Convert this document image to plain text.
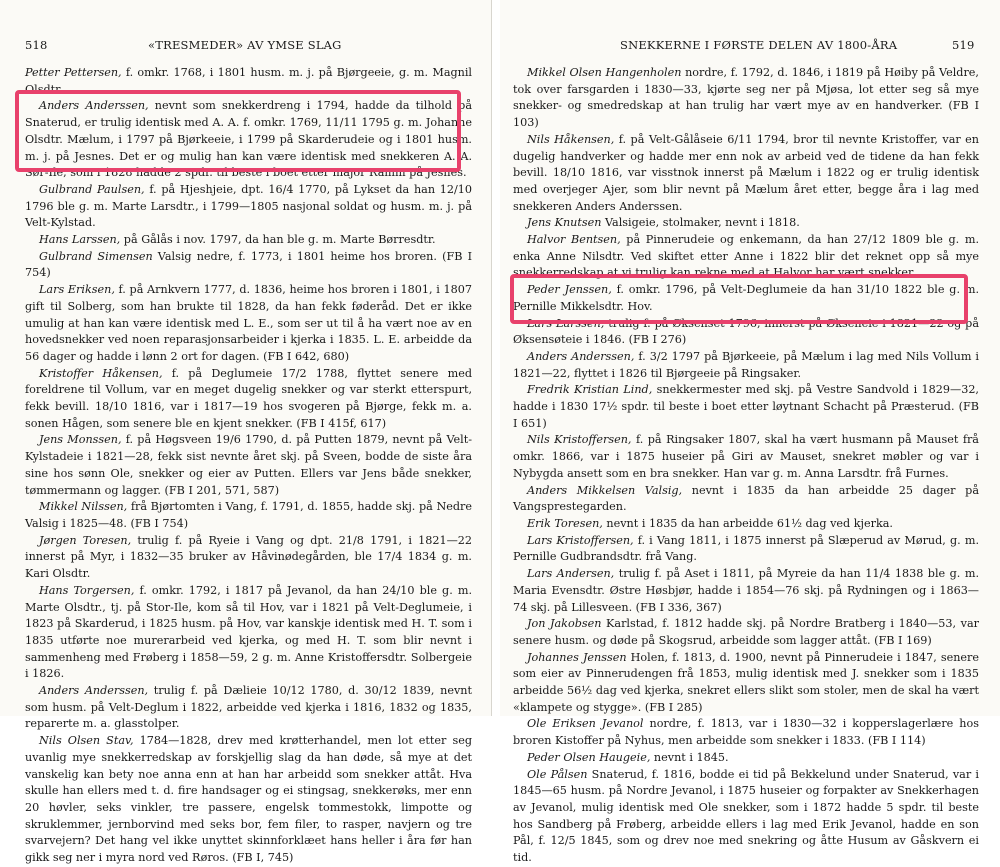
518	«TRESMEDER» AV YMSE SLAG

Petter Pettersen, f. omkr. 1768, i 1801 husm. m. j. på Bjørgeeie, g. m. Magnil Olsdtr.

Anders Anderssen, nevnt som snekkerdreng i 1794, hadde da tilhold på Snaterud, er trulig identisk med A. A. f. omkr. 1769, 11/11 1795 g. m. Johanne Olsdtr. Mælum, i 1797 på Bjørkeeie, i 1799 på Skarderudeie og i 1801 husm. m. j. på Jesnes. Det er og mulig han kan være identisk med snekkeren A. A. Sør-Ile, som i 1828 hadde 2 spdr. til beste i boet etter major Ramm på Jesnes.

Gulbrand Paulsen, f. på Hjeshjeie, dpt. 16/4 1770, på Lykset da han 12/10 1796 ble g. m. Marte Larsdtr., i 1799—1805 nasjonal soldat og husm. m. j. på Velt-Kylstad.

Hans Larssen, på Gålås i nov. 1797, da han ble g. m. Marte Børresdtr.

Gulbrand Simensen Valsig nedre, f. 1773, i 1801 heime hos broren. (FB I 754)

Lars Eriksen, f. på Arnkvern 1777, d. 1836, heime hos broren i 1801, i 1807 gift til Solberg, som han brukte til 1828, da han fekk føderåd. Det er ikke umulig at han kan være identisk med L. E., som ser ut til å ha vært noe av en hovedsnekker ved noen reparasjonsarbeider i kjerka i 1835. L. E. arbeidde da 56 dager og hadde i lønn 2 ort for dagen. (FB I 642, 680)

Kristoffer Håkensen, f. på Deglumeie 17/2 1788, flyttet senere med foreldrene til Vollum, var en meget dugelig snekker og var sterkt etterspurt, fekk bevill. 18/10 1816, var i 1817—19 hos svogeren på Bjørge, fekk m. a. sonen Hågen, som senere ble en kjent snekker. (FB I 415f, 617)

Jens Monssen, f. på Høgsveen 19/6 1790, d. på Putten 1879, nevnt på Velt-Kylstadeie i 1821—28, fekk sist nevnte året skj. på Sveen, bodde de siste åra sine hos sønn Ole, snekker og eier av Putten. Ellers var Jens både snekker, tømmermann og lagger. (FB I 201, 571, 587)

Mikkel Nilssen, frå Bjørtomten i Vang, f. 1791, d. 1855, hadde skj. på Nedre Valsig i 1825—48. (FB I 754)

Jørgen Toresen, trulig f. på Ryeie i Vang og dpt. 21/8 1791, i 1821—22 innerst på Myr, i 1832—35 bruker av Håvinødegården, ble 17/4 1834 g. m. Kari Olsdtr.

Hans Torgersen, f. omkr. 1792, i 1817 på Jevanol, da han 24/10 ble g. m. Marte Olsdtr., tj. på Stor-Ile, kom så til Hov, var i 1821 på Velt-Deglumeie, i 1823 på Skarderud, i 1825 husm. på Hov, var kanskje identisk med H. T. som i 1835 utførte noe murerarbeid ved kjerka, og med H. T. som blir nevnt i sammenheng med Frøberg i 1858—59, 2 g. m. Anne Kristoffersdtr. Solbergeie i 1826.

Anders Anderssen, trulig f. på Dælieie 10/12 1780, d. 30/12 1839, nevnt som husm. på Velt-Deglum i 1822, arbeidde ved kjerka i 1816, 1832 og 1835, reparerte m. a. glasstolper.

Nils Olsen Stav, 1784—1828, drev med krøtterhandel, men lot etter seg uvanlig mye snekkerredskap av forskjellig slag da han døde, så mye at det vanskelig kan bety noe anna enn at han har arbeidd som snekker attåt. Hva skulle han ellers med t. d. fire handsager og ei stingsag, snekkerøks, mer enn 20 høvler, seks vinkler, tre passere, engelsk tommestokk, limpotte og skruklemmer, jernborvind med seks bor, fem filer, to rasper, navjern og tre svarvejern? Det hang vel ikke unyttet skinnforklæet hans heller i åra før han gikk seg ner i myra nord ved Røros. (FB I, 745)

SNEKKERNE I FØRSTE DELEN AV 1800-ÅRA	519

Mikkel Olsen Hangenholen nordre, f. 1792, d. 1846, i 1819 på Høiby på Veldre, tok over farsgarden i 1830—33, kjørte seg ner på Mjøsa, lot etter seg så mye snekker- og smedredskap at han trulig har vært mye av en handverker. (FB I 103)

Nils Håkensen, f. på Velt-Gålåseie 6/11 1794, bror til nevnte Kristoffer, var en dugelig handverker og hadde mer enn nok av arbeid ved de tidene da han fekk bevill. 18/10 1816, var visstnok innerst på Mælum i 1822 og er trulig identisk med overjeger Ajer, som blir nevnt på Mælum året etter, begge åra i lag med snekkeren Anders Anderssen.

Jens Knutsen Valsigeie, stolmaker, nevnt i 1818.

Halvor Bentsen, på Pinnerudeie og enkemann, da han 27/12 1809 ble g. m. enka Anne Nilsdtr. Ved skiftet etter Anne i 1822 blir det reknet opp så mye snekkerredskap at vi trulig kan rekne med at Halvor har vært snekker.

Peder Jenssen, f. omkr. 1796, på Velt-Deglumeie da han 31/10 1822 ble g. m. Pernille Mikkelsdtr. Hov.

Lars Larssen, trulig f. på Øksenset 1796, innerst på Økseneie i 1821—22 og på Øksensøteie i 1846. (FB I 276)

Anders Anderssen, f. 3/2 1797 på Bjørkeeie, på Mælum i lag med Nils Vollum i 1821—22, flyttet i 1826 til Bjørgeeie på Ringsaker.

Fredrik Kristian Lind, snekkermester med skj. på Vestre Sandvold i 1829—32, hadde i 1830 17½ spdr. til beste i boet etter løytnant Schacht på Præsterud. (FB I 651)

Nils Kristoffersen, f. på Ringsaker 1807, skal ha vært husmann på Mauset frå omkr. 1866, var i 1875 huseier på Giri av Mauset, snekret møbler og var i Nybygda ansett som en bra snekker. Han var g. m. Anna Larsdtr. frå Furnes.

Anders Mikkelsen Valsig, nevnt i 1835 da han arbeidde 25 dager på Vangsprestegarden.

Erik Toresen, nevnt i 1835 da han arbeidde 61½ dag ved kjerka.

Lars Kristoffersen, f. i Vang 1811, i 1875 innerst på Slæperud av Mørud, g. m. Pernille Gudbrandsdtr. frå Vang.

Lars Andersen, trulig f. på Aset i 1811, på Myreie da han 11/4 1838 ble g. m. Maria Evensdtr. Østre Høsbjør, hadde i 1854—76 skj. på Rydningen og i 1863—74 skj. på Lillesveen. (FB I 336, 367)

Jon Jakobsen Karlstad, f. 1812 hadde skj. på Nordre Bratberg i 1840—53, var senere husm. og døde på Skogsrud, arbeidde som lagger attåt. (FB I 169)

Johannes Jenssen Holen, f. 1813, d. 1900, nevnt på Pinnerudeie i 1847, senere som eier av Pinnerudengen frå 1853, mulig identisk med J. snekker som i 1835 arbeidde 56½ dag ved kjerka, snekret ellers slikt som stoler, men de skal ha vært «klampete og stygge». (FB I 285)

Ole Eriksen Jevanol nordre, f. 1813, var i 1830—32 i kopperslagerlære hos broren Kistoffer på Nyhus, men arbeidde som snekker i 1833. (FB I 114)

Peder Olsen Haugeie, nevnt i 1845.

Ole Pålsen Snaterud, f. 1816, bodde ei tid på Bekkelund under Snaterud, var i 1845—65 husm. på Nordre Jevanol, i 1875 huseier og forpakter av Snekkerhagen av Jevanol, mulig identisk med Ole snekker, som i 1872 hadde 5 spdr. til beste hos Sandberg på Frøberg, arbeidde ellers i lag med Erik Jevanol, hadde en son Pål, f. 12/5 1845, som og drev noe med snekring og åtte Husum av Gåskvern ei tid.
